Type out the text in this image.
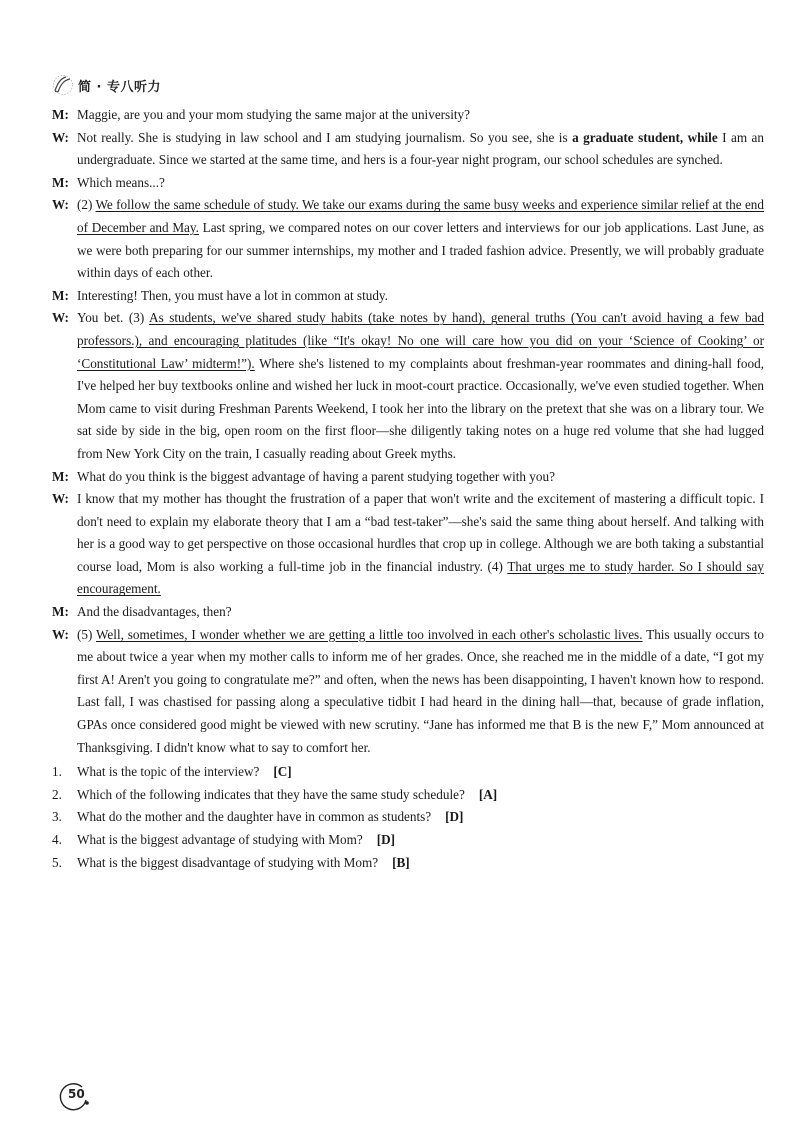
简 · 专八听力
M: Maggie, are you and your mom studying the same major at the university?
W: Not really. She is studying in law school and I am studying journalism. So you see, she is a graduate student, while I am an undergraduate. Since we started at the same time, and hers is a four-year night program, our school schedules are synched.
M: Which means...?
W: (2) We follow the same schedule of study. We take our exams during the same busy weeks and experience similar relief at the end of December and May. Last spring, we compared notes on our cover letters and interviews for our job applications. Last June, as we were both preparing for our summer internships, my mother and I traded fashion advice. Presently, we will probably graduate within days of each other.
M: Interesting! Then, you must have a lot in common at study.
W: You bet. (3) As students, we've shared study habits (take notes by hand), general truths (You can't avoid having a few bad professors.), and encouraging platitudes (like “It's okay! No one will care how you did on your ‘Science of Cooking’ or ‘Constitutional Law’ midterm!”). Where she's listened to my complaints about freshman-year roommates and dining-hall food, I've helped her buy textbooks online and wished her luck in moot-court practice. Occasionally, we've even studied together. When Mom came to visit during Freshman Parents Weekend, I took her into the library on the pretext that she was on a library tour. We sat side by side in the big, open room on the first floor—she diligently taking notes on a huge red volume that she had lugged from New York City on the train, I casually reading about Greek myths.
M: What do you think is the biggest advantage of having a parent studying together with you?
W: I know that my mother has thought the frustration of a paper that won't write and the excitement of mastering a difficult topic. I don't need to explain my elaborate theory that I am a “bad test-taker”—she's said the same thing about herself. And talking with her is a good way to get perspective on those occasional hurdles that crop up in college. Although we are both taking a substantial course load, Mom is also working a full-time job in the financial industry. (4) That urges me to study harder. So I should say encouragement.
M: And the disadvantages, then?
W: (5) Well, sometimes, I wonder whether we are getting a little too involved in each other's scholastic lives. This usually occurs to me about twice a year when my mother calls to inform me of her grades. Once, she reached me in the middle of a date, “I got my first A! Aren't you going to congratulate me?” and often, when the news has been disappointing, I haven't known how to respond. Last fall, I was chastised for passing along a speculative tidbit I had heard in the dining hall—that, because of grade inflation, GPAs once considered good might be viewed with new scrutiny. “Jane has informed me that B is the new F,” Mom announced at Thanksgiving. I didn't know what to say to comfort her.
1.	What is the topic of the interview? [C]
2.	Which of the following indicates that they have the same study schedule? [A]
3.	What do the mother and the daughter have in common as students? [D]
4.	What is the biggest advantage of studying with Mom? [D]
5.	What is the biggest disadvantage of studying with Mom? [B]
50
